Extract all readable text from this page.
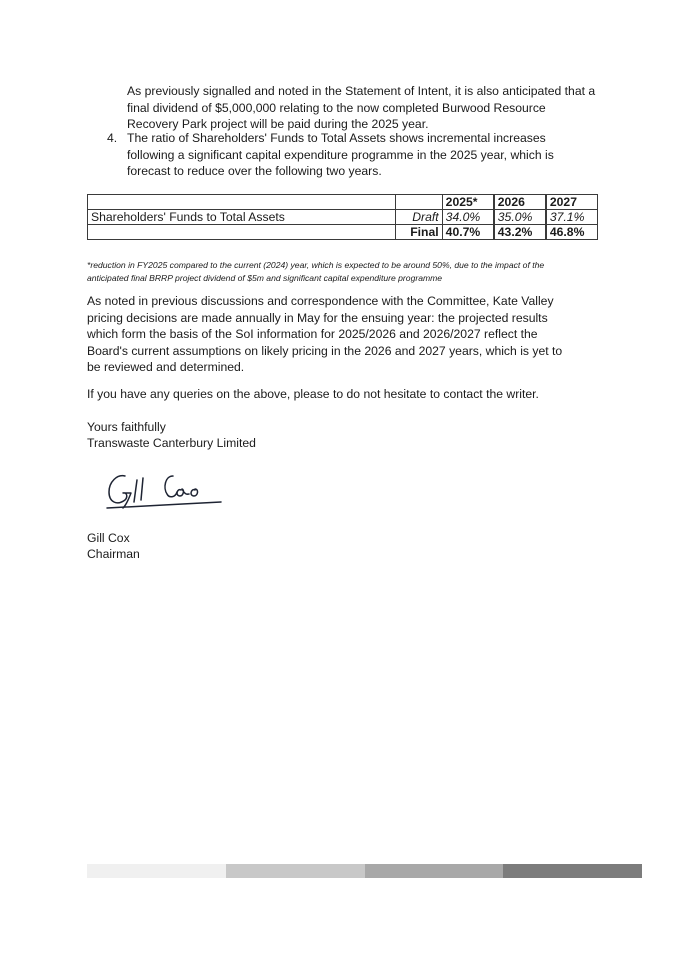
As previously signalled and noted in the Statement of Intent, it is also anticipated that a final dividend of $5,000,000 relating to the now completed Burwood Resource Recovery Park project will be paid during the 2025 year.

4. The ratio of Shareholders' Funds to Total Assets shows incremental increases following a significant capital expenditure programme in the 2025 year, which is forecast to reduce over the following two years.
		2025*	2026	2027
Shareholders' Funds to Total Assets	Draft	34.0%	35.0%	37.1%
	Final	40.7%	43.2%	46.8%

*reduction in FY2025 compared to the current (2024) year, which is expected to be around 50%, due to the impact of the anticipated final BRRP project dividend of $5m and significant capital expenditure programme

As noted in previous discussions and correspondence with the Committee, Kate Valley pricing decisions are made annually in May for the ensuing year: the projected results which form the basis of the SoI information for 2025/2026 and 2026/2027 reflect the Board's current assumptions on likely pricing in the 2026 and 2027 years, which is yet to be reviewed and determined.

If you have any queries on the above, please to do not hesitate to contact the writer.

Yours faithfully

Transwaste Canterbury Limited

Gill Cox

Chairman
